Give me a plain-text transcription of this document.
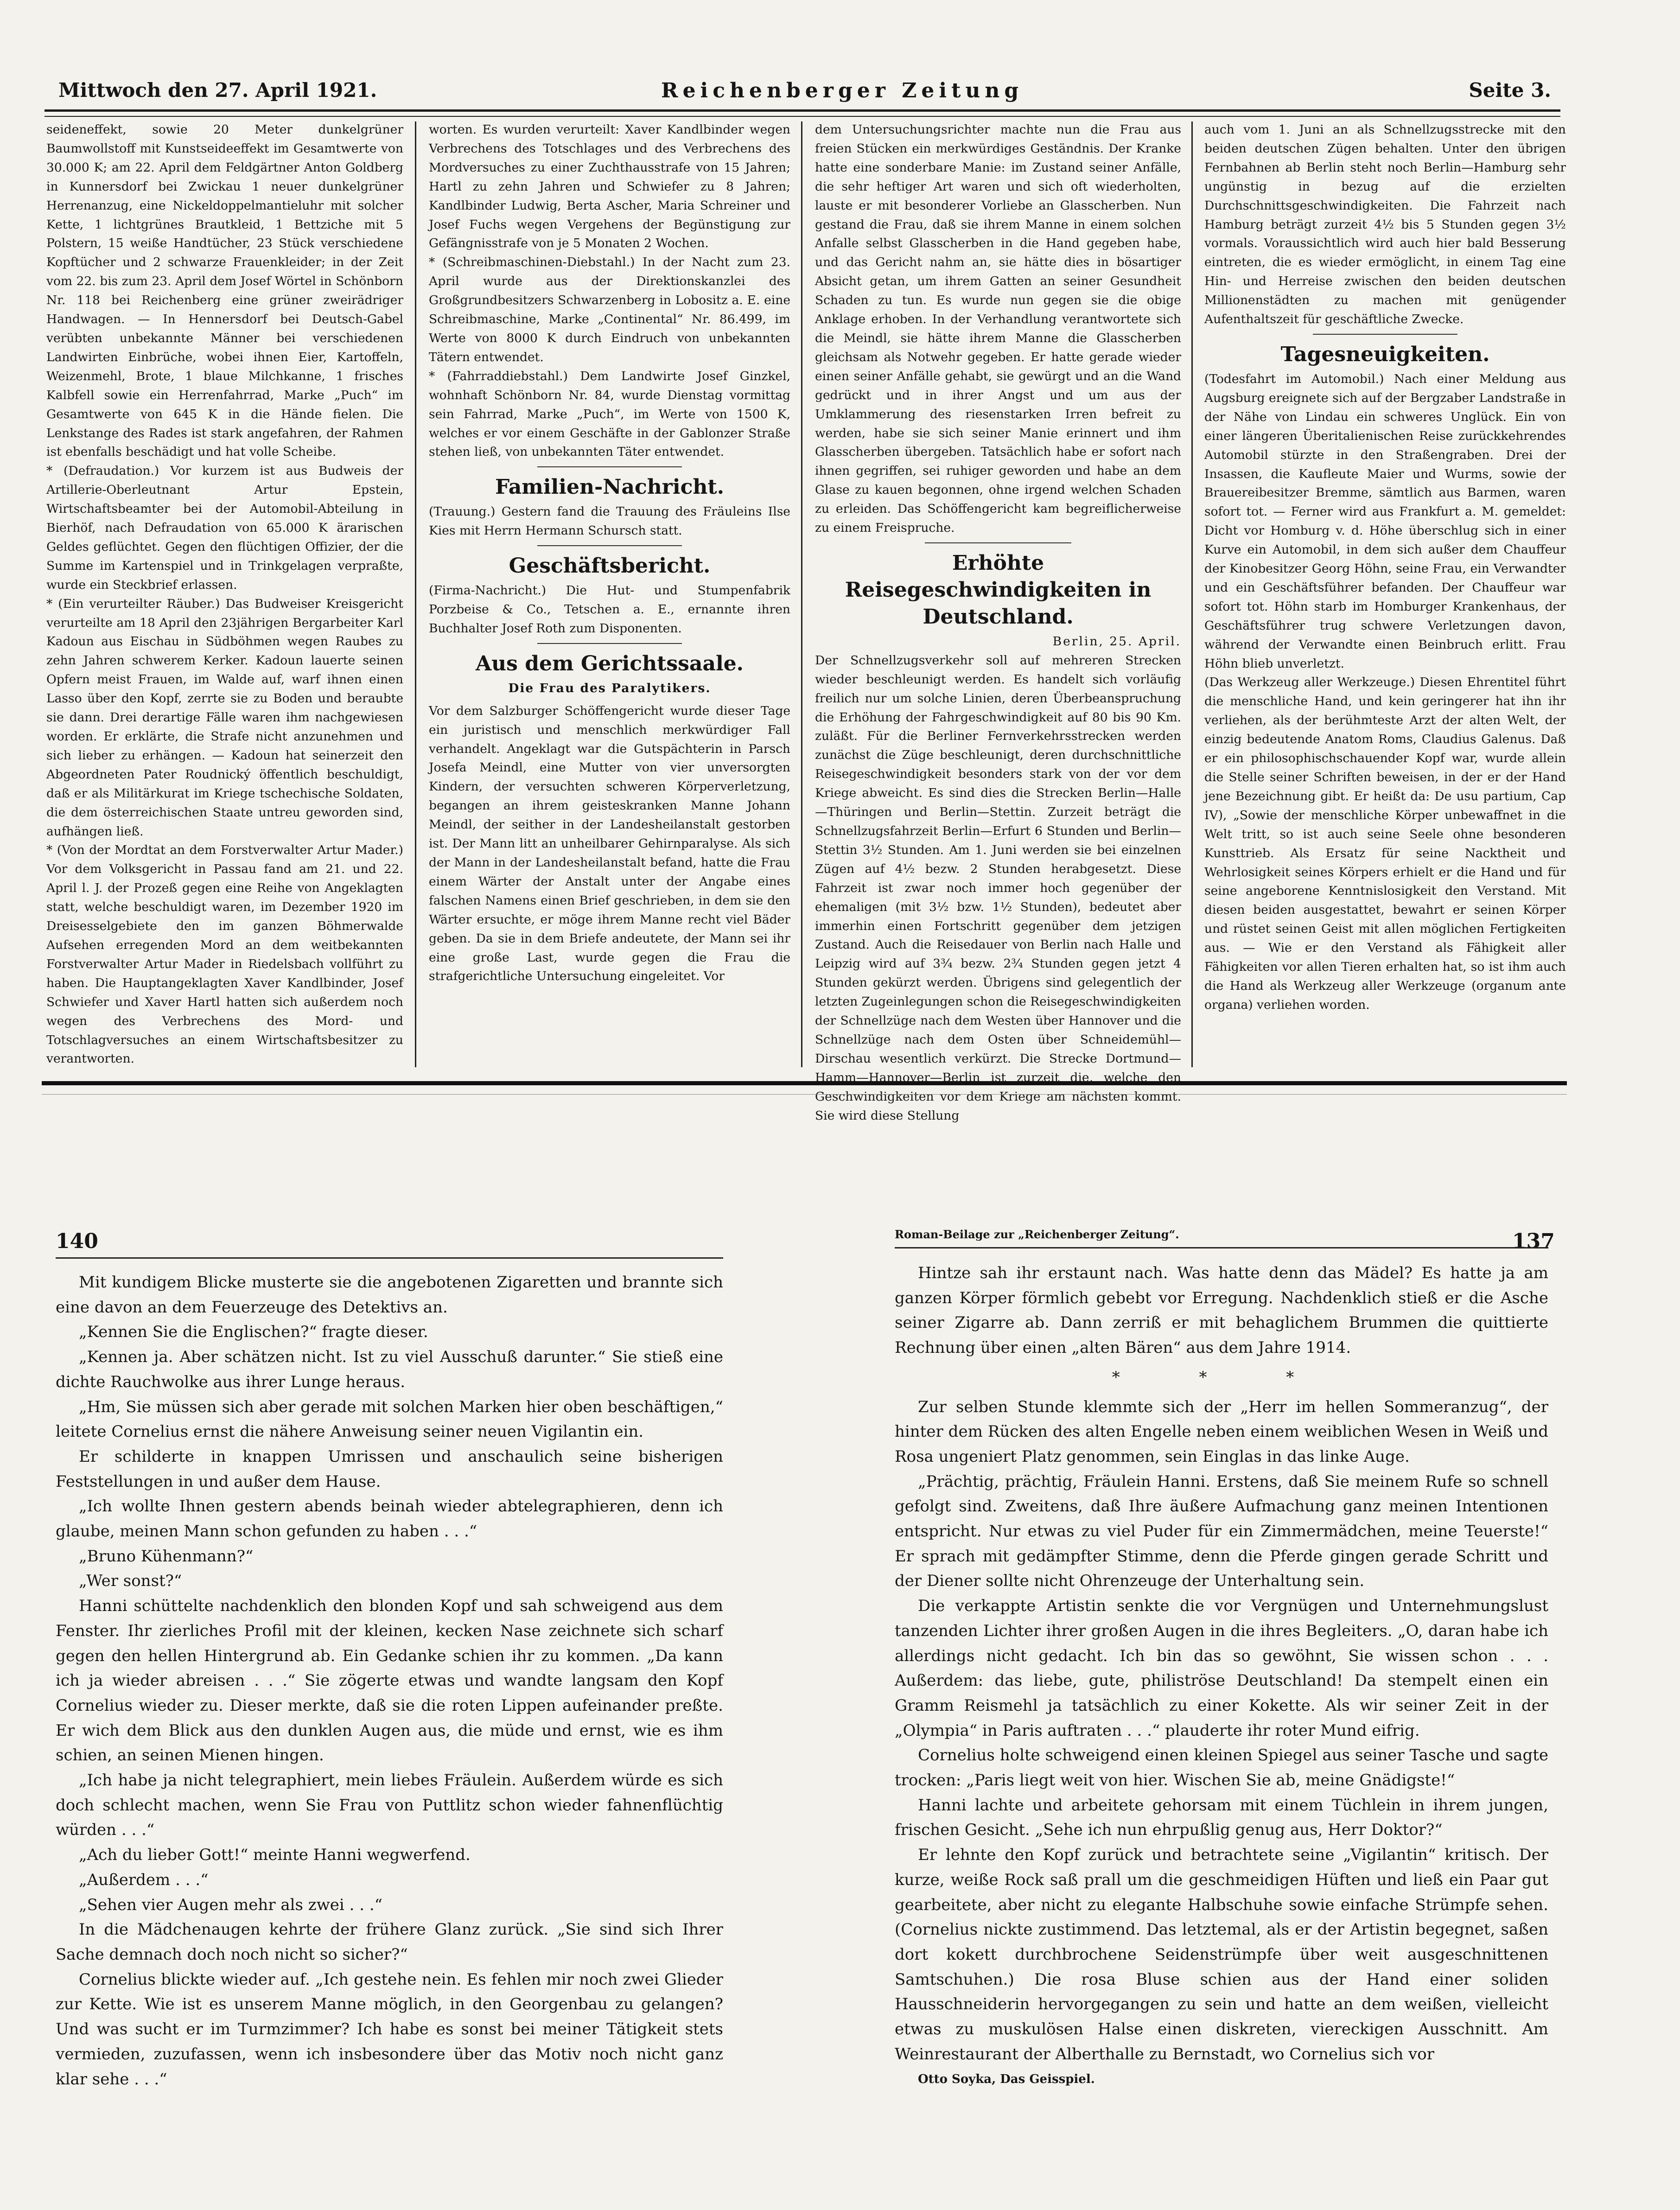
Mittwoch den 27. April 1921.	Reichenberger Zeitung	Seite 3.

seideneffekt, sowie 20 Meter dunkelgrüner Baumwollstoff mit Kunstseideeffekt im Gesamtwerte von 30.000 K; am 22. April dem Feldgärtner Anton Goldberg in Kunnersdorf bei Zwickau 1 neuer dunkelgrüner Herrenanzug, eine Nickeldoppelmantieluhr mit solcher Kette, 1 lichtgrünes Brautkleid, 1 Bettziche mit 5 Polstern, 15 weiße Handtücher, 23 Stück verschiedene Kopftücher und 2 schwarze Frauenkleider; in der Zeit vom 22. bis zum 23. April dem Josef Wörtel in Schönborn Nr. 118 bei Reichenberg eine grüner zweirädriger Handwagen. — In Hennersdorf bei Deutsch-Gabel verübten unbekannte Männer bei verschiedenen Landwirten Einbrüche, wobei ihnen Eier, Kartoffeln, Weizenmehl, Brote, 1 blaue Milchkanne, 1 frisches Kalbfell sowie ein Herrenfahrrad, Marke „Puch“ im Gesamtwerte von 645 K in die Hände fielen. Die Lenkstange des Rades ist stark angefahren, der Rahmen ist ebenfalls beschädigt und hat volle Scheibe.

* (Defraudation.) Vor kurzem ist aus Budweis der Artillerie-Oberleutnant Artur Epstein, Wirtschaftsbeamter bei der Automobil-Abteilung in Bierhöf, nach Defraudation von 65.000 K ärarischen Geldes geflüchtet. Gegen den flüchtigen Offizier, der die Summe im Kartenspiel und in Trinkgelagen verpraßte, wurde ein Steckbrief erlassen.

* (Ein verurteilter Räuber.) Das Budweiser Kreisgericht verurteilte am 18 April den 23jährigen Bergarbeiter Karl Kadoun aus Eischau in Südböhmen wegen Raubes zu zehn Jahren schwerem Kerker. Kadoun lauerte seinen Opfern meist Frauen, im Walde auf, warf ihnen einen Lasso über den Kopf, zerrte sie zu Boden und beraubte sie dann. Drei derartige Fälle waren ihm nachgewiesen worden. Er erklärte, die Strafe nicht anzunehmen und sich lieber zu erhängen. — Kadoun hat seinerzeit den Abgeordneten Pater Roudnický öffentlich beschuldigt, daß er als Militärkurat im Kriege tschechische Soldaten, die dem österreichischen Staate untreu geworden sind, aufhängen ließ.

* (Von der Mordtat an dem Forstverwalter Artur Mader.) Vor dem Volksgericht in Passau fand am 21. und 22. April l. J. der Prozeß gegen eine Reihe von Angeklagten statt, welche beschuldigt waren, im Dezember 1920 im Dreisesselgebiete den im ganzen Böhmerwalde Aufsehen erregenden Mord an dem weitbekannten Forstverwalter Artur Mader in Riedelsbach vollführt zu haben. Die Hauptangeklagten Xaver Kandlbinder, Josef Schwiefer und Xaver Hartl hatten sich außerdem noch wegen des Verbrechens des Mord- und Totschlagversuches an einem Wirtschaftsbesitzer zu verantworten.

worten. Es wurden verurteilt: Xaver Kandlbinder wegen Verbrechens des Totschlages und des Verbrechens des Mordversuches zu einer Zuchthausstrafe von 15 Jahren; Hartl zu zehn Jahren und Schwiefer zu 8 Jahren; Kandlbinder Ludwig, Berta Ascher, Maria Schreiner und Josef Fuchs wegen Vergehens der Begünstigung zur Gefängnisstrafe von je 5 Monaten 2 Wochen.

* (Schreibmaschinen-Diebstahl.) In der Nacht zum 23. April wurde aus der Direktionskanzlei des Großgrundbesitzers Schwarzenberg in Lobositz a. E. eine Schreibmaschine, Marke „Continental“ Nr. 86.499, im Werte von 8000 K durch Eindruch von unbekannten Tätern entwendet.

* (Fahrraddiebstahl.) Dem Landwirte Josef Ginzkel, wohnhaft Schönborn Nr. 84, wurde Dienstag vormittag sein Fahrrad, Marke „Puch“, im Werte von 1500 K, welches er vor einem Geschäfte in der Gablonzer Straße stehen ließ, von unbekannten Täter entwendet.

Familien-Nachricht.

(Trauung.) Gestern fand die Trauung des Fräuleins Ilse Kies mit Herrn Hermann Schursch statt.

Geschäftsbericht.

(Firma-Nachricht.) Die Hut- und Stumpenfabrik Porzbeise & Co., Tetschen a. E., ernannte ihren Buchhalter Josef Roth zum Disponenten.

Aus dem Gerichtssaale.
Die Frau des Paralytikers.

Vor dem Salzburger Schöffengericht wurde dieser Tage ein juristisch und menschlich merkwürdiger Fall verhandelt. Angeklagt war die Gutspächterin in Parsch Josefa Meindl, eine Mutter von vier unversorgten Kindern, der versuchten schweren Körperverletzung, begangen an ihrem geisteskranken Manne Johann Meindl, der seither in der Landesheilanstalt gestorben ist. Der Mann litt an unheilbarer Gehirnparalyse. Als sich der Mann in der Landesheilanstalt befand, hatte die Frau einem Wärter der Anstalt unter der Angabe eines falschen Namens einen Brief geschrieben, in dem sie den Wärter ersuchte, er möge ihrem Manne recht viel Bäder geben. Da sie in dem Briefe andeutete, der Mann sei ihr eine große Last, wurde gegen die Frau die strafgerichtliche Untersuchung eingeleitet. Vor

dem Untersuchungsrichter machte nun die Frau aus freien Stücken ein merkwürdiges Geständnis. Der Kranke hatte eine sonderbare Manie: im Zustand seiner Anfälle, die sehr heftiger Art waren und sich oft wiederholten, lauste er mit besonderer Vorliebe an Glasscherben. Nun gestand die Frau, daß sie ihrem Manne in einem solchen Anfalle selbst Glasscherben in die Hand gegeben habe, und das Gericht nahm an, sie hätte dies in bösartiger Absicht getan, um ihrem Gatten an seiner Gesundheit Schaden zu tun. Es wurde nun gegen sie die obige Anklage erhoben. In der Verhandlung verantwortete sich die Meindl, sie hätte ihrem Manne die Glasscherben gleichsam als Notwehr gegeben. Er hatte gerade wieder einen seiner Anfälle gehabt, sie gewürgt und an die Wand gedrückt und in ihrer Angst und um aus der Umklammerung des riesenstarken Irren befreit zu werden, habe sie sich seiner Manie erinnert und ihm Glasscherben übergeben. Tatsächlich habe er sofort nach ihnen gegriffen, sei ruhiger geworden und habe an dem Glase zu kauen begonnen, ohne irgend welchen Schaden zu erleiden. Das Schöffengericht kam begreiflicherweise zu einem Freispruche.

Erhöhte Reisegeschwindigkeiten in Deutschland.

Berlin, 25. April.

Der Schnellzugsverkehr soll auf mehreren Strecken wieder beschleunigt werden. Es handelt sich vorläufig freilich nur um solche Linien, deren Überbeanspruchung die Erhöhung der Fahrgeschwindigkeit auf 80 bis 90 Km. zuläßt. Für die Berliner Fernverkehrsstrecken werden zunächst die Züge beschleunigt, deren durchschnittliche Reisegeschwindigkeit besonders stark von der vor dem Kriege abweicht. Es sind dies die Strecken Berlin—Halle—Thüringen und Berlin—Stettin. Zurzeit beträgt die Schnellzugsfahrzeit Berlin—Erfurt 6 Stunden und Berlin—Stettin 3½ Stunden. Am 1. Juni werden sie bei einzelnen Zügen auf 4½ bezw. 2 Stunden herabgesetzt. Diese Fahrzeit ist zwar noch immer hoch gegenüber der ehemaligen (mit 3½ bzw. 1½ Stunden), bedeutet aber immerhin einen Fortschritt gegenüber dem jetzigen Zustand. Auch die Reisedauer von Berlin nach Halle und Leipzig wird auf 3¾ bezw. 2¾ Stunden gegen jetzt 4 Stunden gekürzt werden. Übrigens sind gelegentlich der letzten Zugeinlegungen schon die Reisegeschwindigkeiten der Schnellzüge nach dem Westen über Hannover und die Schnellzüge nach dem Osten über Schneidemühl—Dirschau wesentlich verkürzt. Die Strecke Dortmund—Hamm—Hannover—Berlin ist zurzeit die, welche den Geschwindigkeiten vor dem Kriege am nächsten kommt. Sie wird diese Stellung

auch vom 1. Juni an als Schnellzugsstrecke mit den beiden deutschen Zügen behalten. Unter den übrigen Fernbahnen ab Berlin steht noch Berlin—Hamburg sehr ungünstig in bezug auf die erzielten Durchschnittsgeschwindigkeiten. Die Fahrzeit nach Hamburg beträgt zurzeit 4½ bis 5 Stunden gegen 3½ vormals. Voraussichtlich wird auch hier bald Besserung eintreten, die es wieder ermöglicht, in einem Tag eine Hin- und Herreise zwischen den beiden deutschen Millionenstädten zu machen mit genügender Aufenthaltszeit für geschäftliche Zwecke.

Tagesneuigkeiten.

(Todesfahrt im Automobil.) Nach einer Meldung aus Augsburg ereignete sich auf der Bergzaber Landstraße in der Nähe von Lindau ein schweres Unglück. Ein von einer längeren Überitalienischen Reise zurückkehrendes Automobil stürzte in den Straßengraben. Drei der Insassen, die Kaufleute Maier und Wurms, sowie der Brauereibesitzer Bremme, sämtlich aus Barmen, waren sofort tot. — Ferner wird aus Frankfurt a. M. gemeldet: Dicht vor Homburg v. d. Höhe überschlug sich in einer Kurve ein Automobil, in dem sich außer dem Chauffeur der Kinobesitzer Georg Höhn, seine Frau, ein Verwandter und ein Geschäftsführer befanden. Der Chauffeur war sofort tot. Höhn starb im Homburger Krankenhaus, der Geschäftsführer trug schwere Verletzungen davon, während der Verwandte einen Beinbruch erlitt. Frau Höhn blieb unverletzt.

(Das Werkzeug aller Werkzeuge.) Diesen Ehrentitel führt die menschliche Hand, und kein geringerer hat ihn ihr verliehen, als der berühmteste Arzt der alten Welt, der einzig bedeutende Anatom Roms, Claudius Galenus. Daß er ein philosophischschauender Kopf war, wurde allein die Stelle seiner Schriften beweisen, in der er der Hand jene Bezeichnung gibt. Er heißt da: De usu partium, Cap IV), „Sowie der menschliche Körper unbewaffnet in die Welt tritt, so ist auch seine Seele ohne besonderen Kunsttrieb. Als Ersatz für seine Nacktheit und Wehrlosigkeit seines Körpers erhielt er die Hand und für seine angeborene Kenntnislosigkeit den Verstand. Mit diesen beiden ausgestattet, bewahrt er seinen Körper und rüstet seinen Geist mit allen möglichen Fertigkeiten aus. — Wie er den Verstand als Fähigkeit aller Fähigkeiten vor allen Tieren erhalten hat, so ist ihm auch die Hand als Werkzeug aller Werkzeuge (organum ante organa) verliehen worden.

140

Mit kundigem Blicke musterte sie die angebotenen Zigaretten und brannte sich eine davon an dem Feuerzeuge des Detektivs an.

„Kennen Sie die Englischen?“ fragte dieser.

„Kennen ja. Aber schätzen nicht. Ist zu viel Ausschuß darunter.“ Sie stieß eine dichte Rauchwolke aus ihrer Lunge heraus.

„Hm, Sie müssen sich aber gerade mit solchen Marken hier oben beschäftigen,“ leitete Cornelius ernst die nähere Anweisung seiner neuen Vigilantin ein.

Er schilderte in knappen Umrissen und anschaulich seine bisherigen Feststellungen in und außer dem Hause.

„Ich wollte Ihnen gestern abends beinah wieder abtelegraphieren, denn ich glaube, meinen Mann schon gefunden zu haben . . .“

„Bruno Kühenmann?“

„Wer sonst?“

Hanni schüttelte nachdenklich den blonden Kopf und sah schweigend aus dem Fenster. Ihr zierliches Profil mit der kleinen, kecken Nase zeichnete sich scharf gegen den hellen Hintergrund ab. Ein Gedanke schien ihr zu kommen. „Da kann ich ja wieder abreisen . . .“ Sie zögerte etwas und wandte langsam den Kopf Cornelius wieder zu. Dieser merkte, daß sie die roten Lippen aufeinander preßte. Er wich dem Blick aus den dunklen Augen aus, die müde und ernst, wie es ihm schien, an seinen Mienen hingen.

„Ich habe ja nicht telegraphiert, mein liebes Fräulein. Außerdem würde es sich doch schlecht machen, wenn Sie Frau von Puttlitz schon wieder fahnenflüchtig würden . . .“

„Ach du lieber Gott!“ meinte Hanni wegwerfend.

„Außerdem . . .“

„Sehen vier Augen mehr als zwei . . .“

In die Mädchenaugen kehrte der frühere Glanz zurück. „Sie sind sich Ihrer Sache demnach doch noch nicht so sicher?“

Cornelius blickte wieder auf. „Ich gestehe nein. Es fehlen mir noch zwei Glieder zur Kette. Wie ist es unserem Manne möglich, in den Georgenbau zu gelangen? Und was sucht er im Turmzimmer? Ich habe es sonst bei meiner Tätigkeit stets vermieden, zuzufassen, wenn ich insbesondere über das Motiv noch nicht ganz klar sehe . . .“

Roman-Beilage zur „Reichenberger Zeitung“.	137

Hintze sah ihr erstaunt nach. Was hatte denn das Mädel? Es hatte ja am ganzen Körper förmlich gebebt vor Erregung. Nachdenklich stieß er die Asche seiner Zigarre ab. Dann zerriß er mit behaglichem Brummen die quittierte Rechnung über einen „alten Bären“ aus dem Jahre 1914.

* * *

Zur selben Stunde klemmte sich der „Herr im hellen Sommeranzug“, der hinter dem Rücken des alten Engelle neben einem weiblichen Wesen in Weiß und Rosa ungeniert Platz genommen, sein Einglas in das linke Auge.

„Prächtig, prächtig, Fräulein Hanni. Erstens, daß Sie meinem Rufe so schnell gefolgt sind. Zweitens, daß Ihre äußere Aufmachung ganz meinen Intentionen entspricht. Nur etwas zu viel Puder für ein Zimmermädchen, meine Teuerste!“ Er sprach mit gedämpfter Stimme, denn die Pferde gingen gerade Schritt und der Diener sollte nicht Ohrenzeuge der Unterhaltung sein.

Die verkappte Artistin senkte die vor Vergnügen und Unternehmungslust tanzenden Lichter ihrer großen Augen in die ihres Begleiters. „O, daran habe ich allerdings nicht gedacht. Ich bin das so gewöhnt, Sie wissen schon . . . Außerdem: das liebe, gute, philiströse Deutschland! Da stempelt einen ein Gramm Reismehl ja tatsächlich zu einer Kokette. Als wir seiner Zeit in der „Olympia“ in Paris auftraten . . .“ plauderte ihr roter Mund eifrig.

Cornelius holte schweigend einen kleinen Spiegel aus seiner Tasche und sagte trocken: „Paris liegt weit von hier. Wischen Sie ab, meine Gnädigste!“

Hanni lachte und arbeitete gehorsam mit einem Tüchlein in ihrem jungen, frischen Gesicht. „Sehe ich nun ehrpußlig genug aus, Herr Doktor?“

Er lehnte den Kopf zurück und betrachtete seine „Vigilantin“ kritisch. Der kurze, weiße Rock saß prall um die geschmeidigen Hüften und ließ ein Paar gut gearbeitete, aber nicht zu elegante Halbschuhe sowie einfache Strümpfe sehen. (Cornelius nickte zustimmend. Das letztemal, als er der Artistin begegnet, saßen dort kokett durchbrochene Seidenstrümpfe über weit ausgeschnittenen Samtschuhen.) Die rosa Bluse schien aus der Hand einer soliden Hausschneiderin hervorgegangen zu sein und hatte an dem weißen, vielleicht etwas zu muskulösen Halse einen diskreten, viereckigen Ausschnitt. Am Weinrestaurant der Alberthalle zu Bernstadt, wo Cornelius sich vor

Otto Soyka, Das Geisspiel.
